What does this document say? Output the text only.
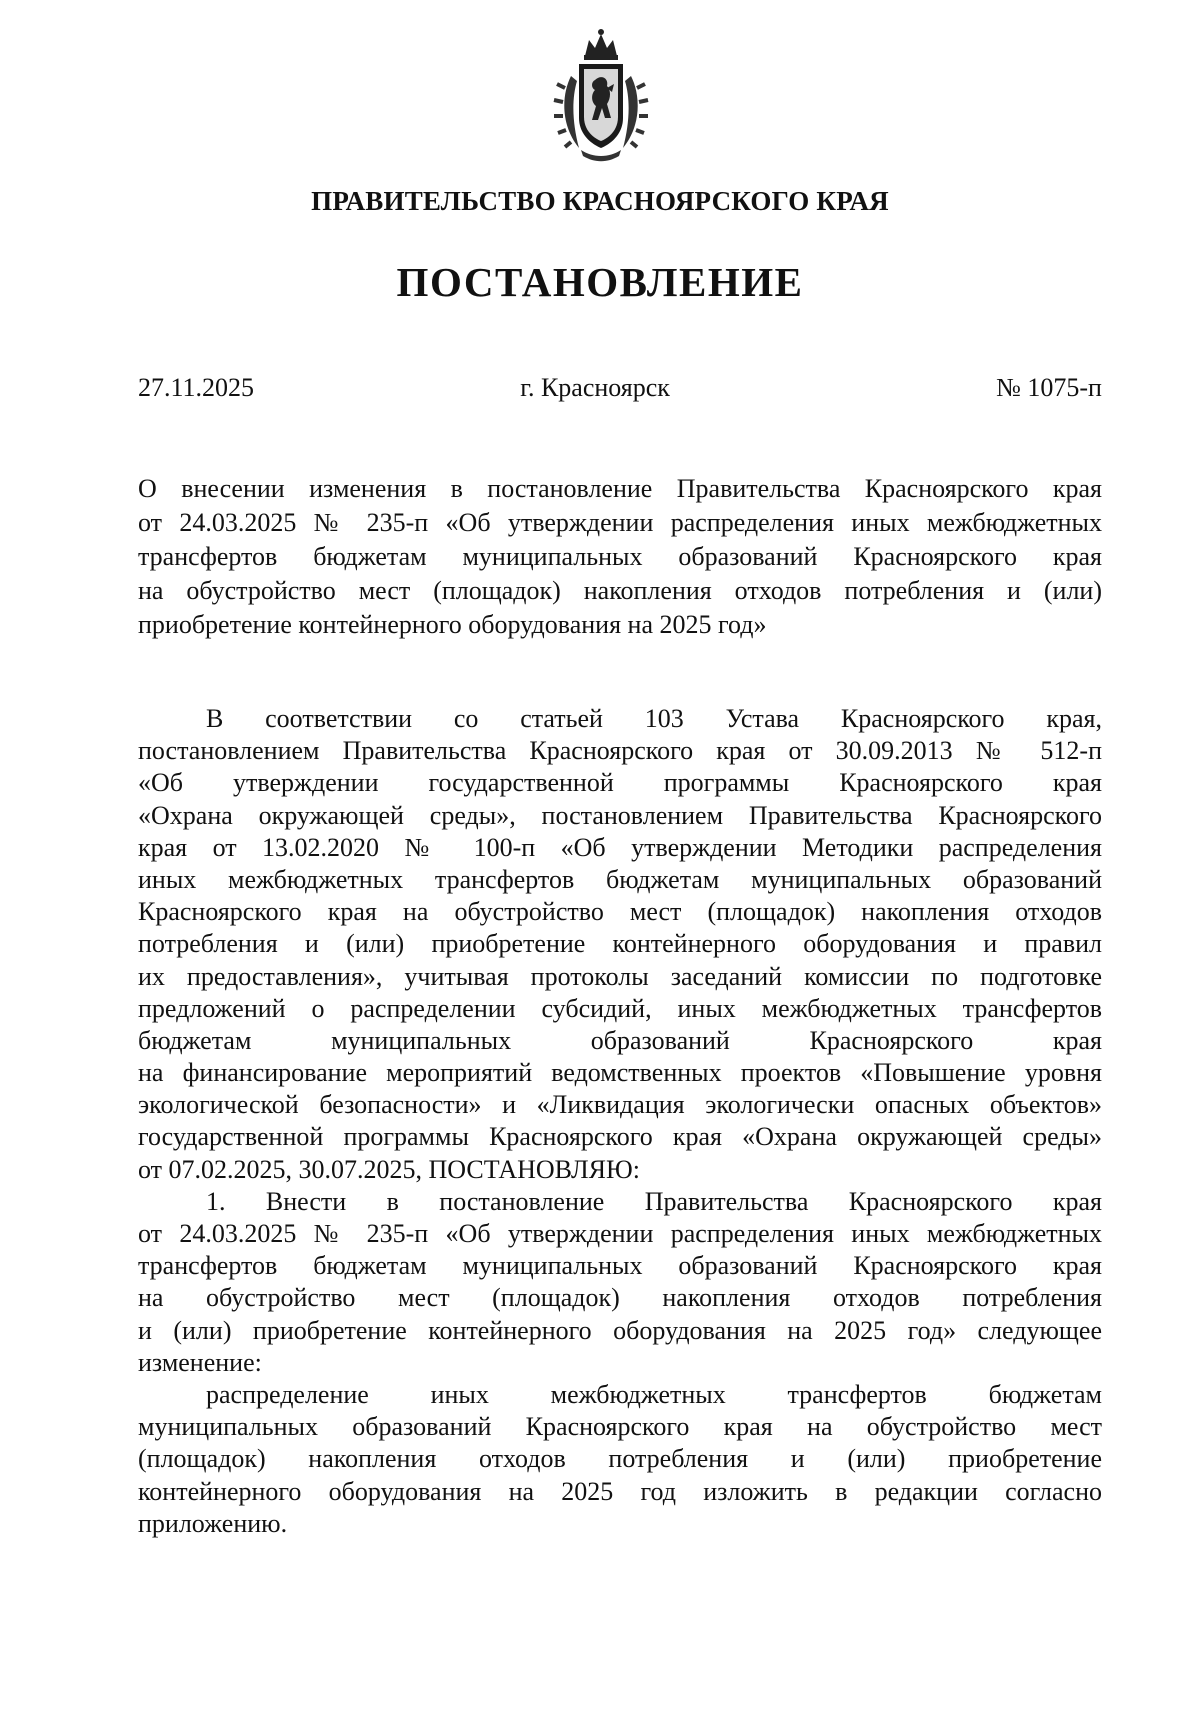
ПРАВИТЕЛЬСТВО КРАСНОЯРСКОГО КРАЯ
ПОСТАНОВЛЕНИЕ
27.11.2025	г. Красноярск	№ 1075-п
О внесении изменения в постановление Правительства Красноярского края
от 24.03.2025 № 235-п «Об утверждении распределения иных межбюджетных
трансфертов бюджетам муниципальных образований Красноярского края
на обустройство мест (площадок) накопления отходов потребления и (или)
приобретение контейнерного оборудования на 2025 год»
В соответствии со статьей 103 Устава Красноярского края,
постановлением Правительства Красноярского края от 30.09.2013 № 512-п
«Об утверждении государственной программы Красноярского края
«Охрана окружающей среды», постановлением Правительства Красноярского
края от 13.02.2020 № 100-п «Об утверждении Методики распределения
иных межбюджетных трансфертов бюджетам муниципальных образований
Красноярского края на обустройство мест (площадок) накопления отходов
потребления и (или) приобретение контейнерного оборудования и правил
их предоставления», учитывая протоколы заседаний комиссии по подготовке
предложений о распределении субсидий, иных межбюджетных трансфертов
бюджетам муниципальных образований Красноярского края
на финансирование мероприятий ведомственных проектов «Повышение уровня
экологической безопасности» и «Ликвидация экологически опасных объектов»
государственной программы Красноярского края «Охрана окружающей среды»
от 07.02.2025, 30.07.2025, ПОСТАНОВЛЯЮ:
1. Внести в постановление Правительства Красноярского края
от 24.03.2025 № 235-п «Об утверждении распределения иных межбюджетных
трансфертов бюджетам муниципальных образований Красноярского края
на обустройство мест (площадок) накопления отходов потребления
и (или) приобретение контейнерного оборудования на 2025 год» следующее
изменение:
распределение иных межбюджетных трансфертов бюджетам
муниципальных образований Красноярского края на обустройство мест
(площадок) накопления отходов потребления и (или) приобретение
контейнерного оборудования на 2025 год изложить в редакции согласно
приложению.
